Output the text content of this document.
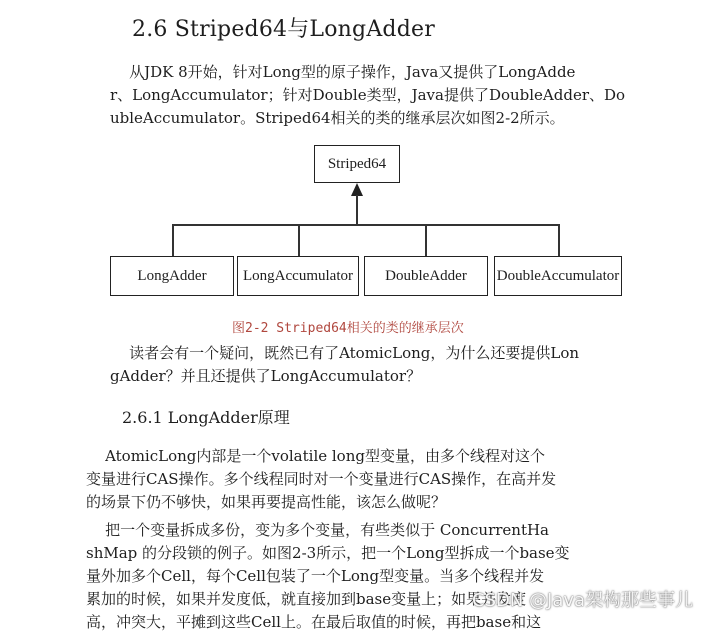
2.6 Striped64与LongAdder
从JDK 8开始，针对Long型的原子操作，Java又提供了LongAdde
r、LongAccumulator；针对Double类型，Java提供了DoubleAdder、Do
ubleAccumulator。Striped64相关的类的继承层次如图2-2所示。
Striped64
LongAdder	LongAccumulator	DoubleAdder	DoubleAccumulator
图2-2 Striped64相关的类的继承层次
读者会有一个疑问，既然已有了AtomicLong，为什么还要提供Lon
gAdder？并且还提供了LongAccumulator？
2.6.1 LongAdder原理
AtomicLong内部是一个volatile long型变量，由多个线程对这个
变量进行CAS操作。多个线程同时对一个变量进行CAS操作，在高并发
的场景下仍不够快，如果再要提高性能，该怎么做呢？
把一个变量拆成多份，变为多个变量，有些类似于 ConcurrentHa
shMap 的分段锁的例子。如图2-3所示，把一个Long型拆成一个base变
量外加多个Cell，每个Cell包装了一个Long型变量。当多个线程并发
累加的时候，如果并发度低，就直接加到base变量上；如果并发度
高，冲突大，平摊到这些Cell上。在最后取值的时候，再把base和这
CSDN @Java架构那些事儿
